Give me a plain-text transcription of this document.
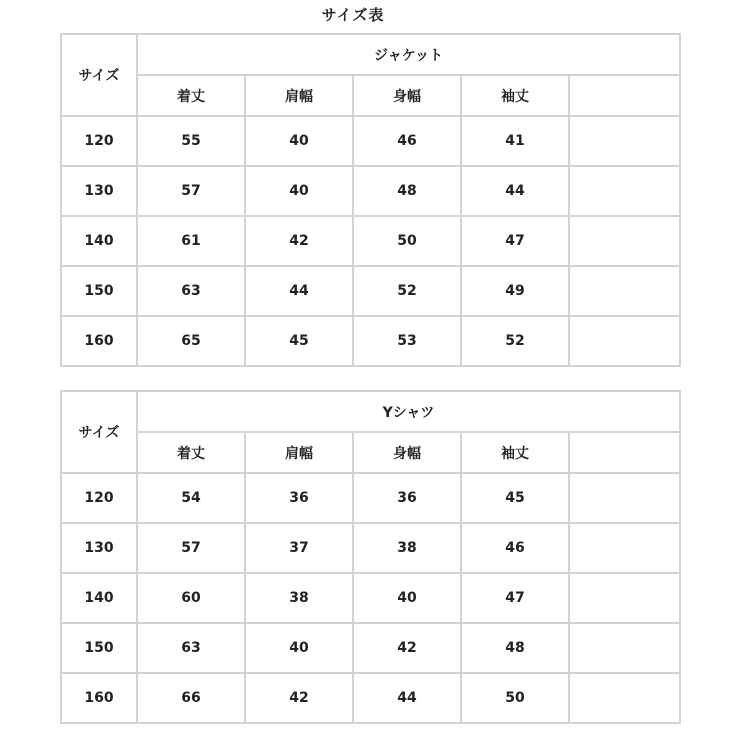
サイズ表
サイズ	ジャケット				
	着丈	肩幅	身幅	袖丈	
120	55	40	46	41	
130	57	40	48	44	
140	61	42	50	47	
150	63	44	52	49	
160	65	45	53	52	
サイズ	Yシャツ				
	着丈	肩幅	身幅	袖丈	
120	54	36	36	45	
130	57	37	38	46	
140	60	38	40	47	
150	63	40	42	48	
160	66	42	44	50	
